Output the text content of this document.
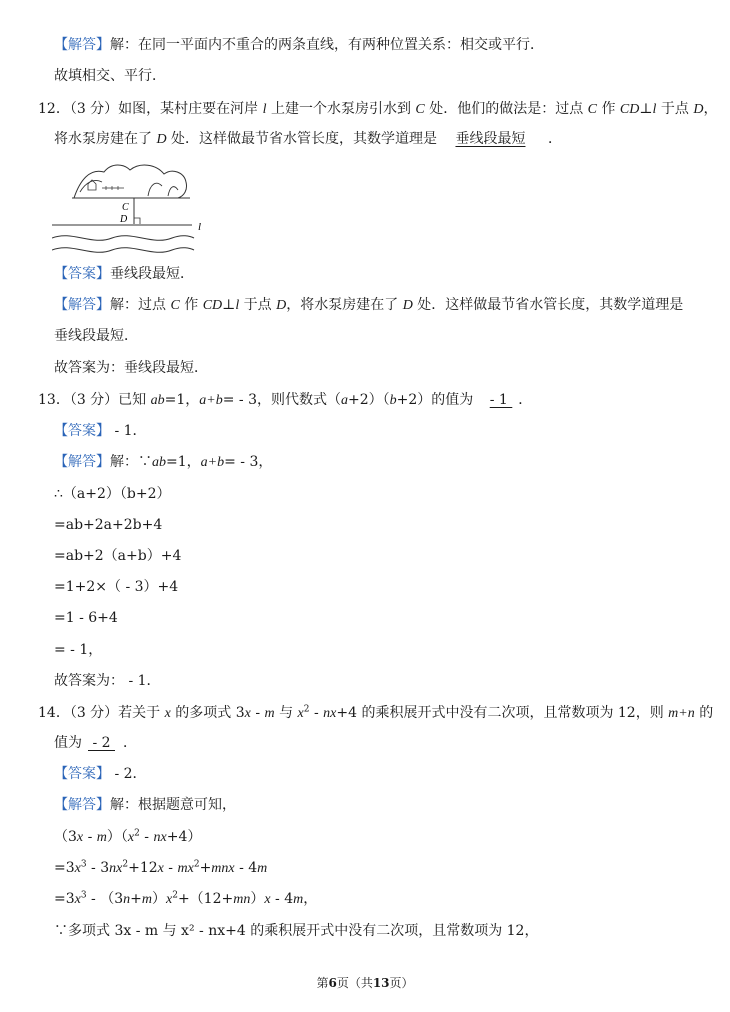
【解答】解：在同一平面内不重合的两条直线，有两种位置关系：相交或平行．
故填相交、平行．
12．（3 分）如图，某村庄要在河岸 l 上建一个水泵房引水到 C 处．他们的做法是：过点 C 作 CD⊥l 于点 D，
将水泵房建在了 D 处．这样做最节省水管长度，其数学道理是 垂线段最短 ．
C
D
l
【答案】垂线段最短．
【解答】解：过点 C 作 CD⊥l 于点 D，将水泵房建在了 D 处．这样做最节省水管长度，其数学道理是
垂线段最短．
故答案为：垂线段最短．
13．（3 分）已知 ab=1，a+b= - 3，则代数式（a+2）（b+2）的值为 - 1 ．
【答案】 - 1．
【解答】解：∵ab=1，a+b= - 3，
∴（a+2）（b+2）
=ab+2a+2b+4
=ab+2（a+b）+4
=1+2×（ - 3）+4
=1 - 6+4
= - 1，
故答案为： - 1．
14．（3 分）若关于 x 的多项式 3x - m 与 $x^2 - nx+4$ 的乘积展开式中没有二次项，且常数项为 12，则 m+n 的
值为 - 2 ．
【答案】 - 2．
【解答】解：根据题意可知，
$(3x - m)(x^2 - nx+4)$
$=3x^3 - 3nx^2+12x - mx^2+mnx - 4m$
$=3x^3 - (3n+m)x^2+(12+mn)x - 4m$，
∵多项式 3x - m 与 x² - nx+4 的乘积展开式中没有二次项，且常数项为 12，
第6页（共13页）
